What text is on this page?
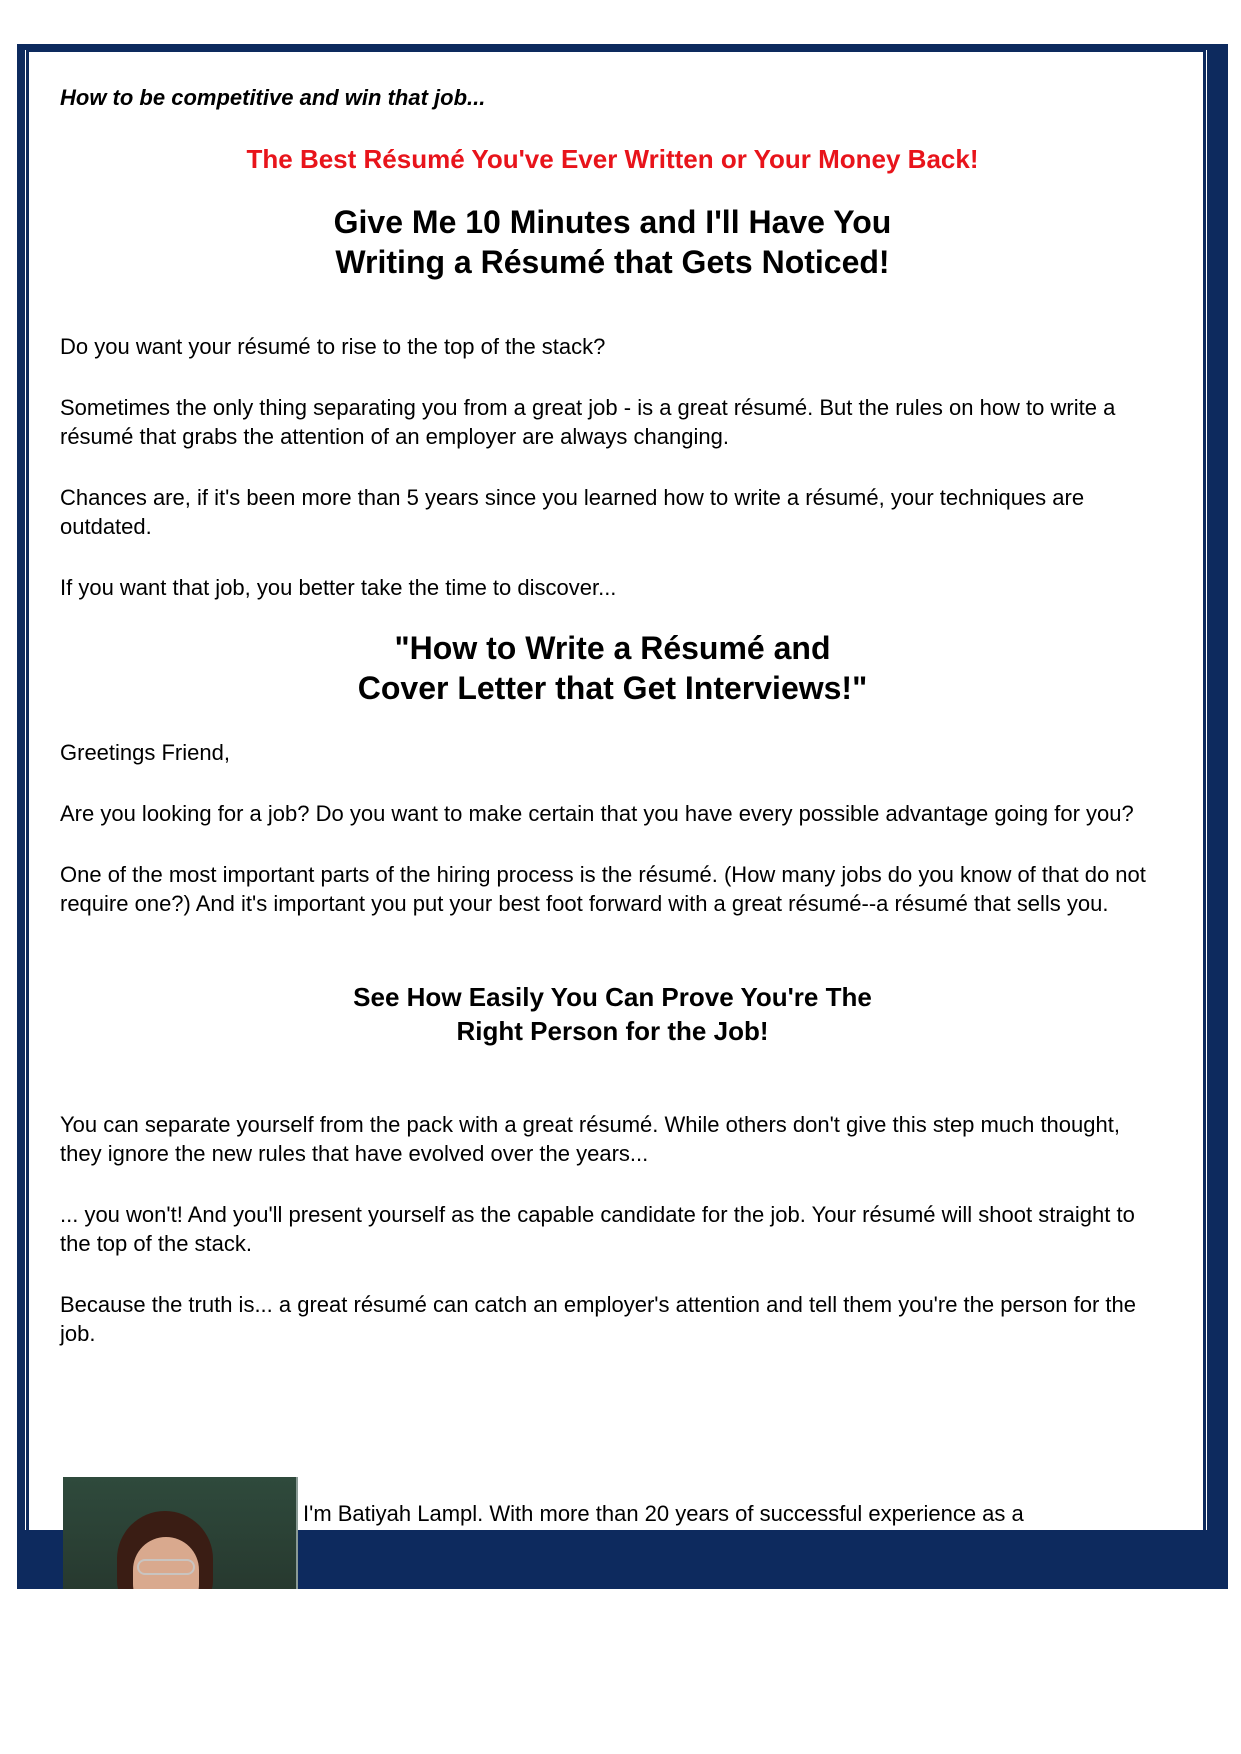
How to be competitive and win that job...

The Best Résumé You've Ever Written or Your Money Back!
Give Me 10 Minutes and I'll Have You
Writing a Résumé that Gets Noticed!

Do you want your résumé to rise to the top of the stack?

Sometimes the only thing separating you from a great job - is a great résumé. But the rules on how to write a résumé that grabs the attention of an employer are always changing.

Chances are, if it's been more than 5 years since you learned how to write a résumé, your techniques are outdated.

If you want that job, you better take the time to discover...

"How to Write a Résumé and
Cover Letter that Get Interviews!"

Greetings Friend,

Are you looking for a job? Do you want to make certain that you have every possible advantage going for you?

One of the most important parts of the hiring process is the résumé. (How many jobs do you know of that do not require one?) And it's important you put your best foot forward with a great résumé--a résumé that sells you.

See How Easily You Can Prove You're The
Right Person for the Job!

You can separate yourself from the pack with a great résumé. While others don't give this step much thought, they ignore the new rules that have evolved over the years...

... you won't! And you'll present yourself as the capable candidate for the job. Your résumé will shoot straight to the top of the stack.

Because the truth is... a great résumé can catch an employer's attention and tell them you're the person for the job.

I'm Batiyah Lampl. With more than 20 years of successful experience as a
